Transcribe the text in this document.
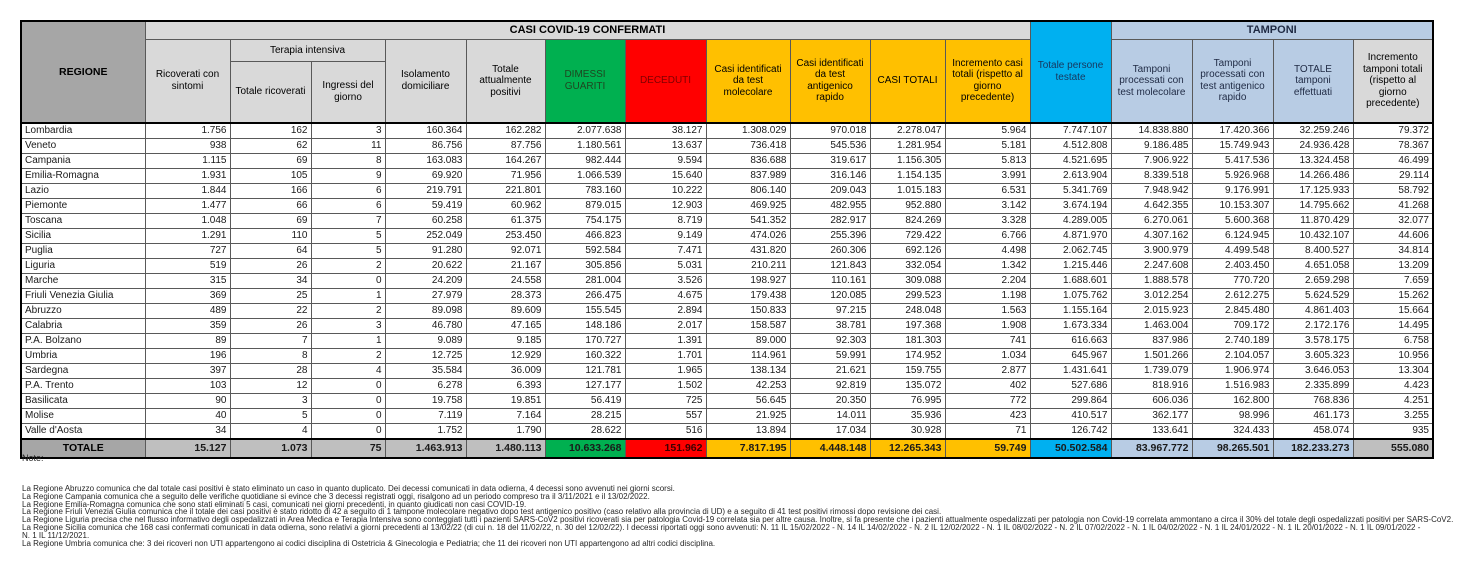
REGIONE	CASI COVID-19 CONFERMATI											Totale persone testate	TAMPONI			
	Ricoverati con sintomi	Terapia intensiva		Isolamento domiciliare	Totale attualmente positivi	DIMESSI GUARITI	DECEDUTI	Casi identificati da test molecolare	Casi identificati da test antigenico rapido	CASI TOTALI	Incremento casi totali (rispetto al giorno precedente)		Tamponi processati con test molecolare	Tamponi processati con test antigenico rapido	TOTALE tamponi effettuati	Incremento tamponi totali (rispetto al giorno precedente)
		Totale ricoverati	Ingressi del giorno													
Lombardia	1.756	162	3	160.364	162.282	2.077.638	38.127	1.308.029	970.018	2.278.047	5.964	7.747.107	14.838.880	17.420.366	32.259.246	79.372
Veneto	938	62	11	86.756	87.756	1.180.561	13.637	736.418	545.536	1.281.954	5.181	4.512.808	9.186.485	15.749.943	24.936.428	78.367
Campania	1.115	69	8	163.083	164.267	982.444	9.594	836.688	319.617	1.156.305	5.813	4.521.695	7.906.922	5.417.536	13.324.458	46.499
Emilia-Romagna	1.931	105	9	69.920	71.956	1.066.539	15.640	837.989	316.146	1.154.135	3.991	2.613.904	8.339.518	5.926.968	14.266.486	29.114
Lazio	1.844	166	6	219.791	221.801	783.160	10.222	806.140	209.043	1.015.183	6.531	5.341.769	7.948.942	9.176.991	17.125.933	58.792
Piemonte	1.477	66	6	59.419	60.962	879.015	12.903	469.925	482.955	952.880	3.142	3.674.194	4.642.355	10.153.307	14.795.662	41.268
Toscana	1.048	69	7	60.258	61.375	754.175	8.719	541.352	282.917	824.269	3.328	4.289.005	6.270.061	5.600.368	11.870.429	32.077
Sicilia	1.291	110	5	252.049	253.450	466.823	9.149	474.026	255.396	729.422	6.766	4.871.970	4.307.162	6.124.945	10.432.107	44.606
Puglia	727	64	5	91.280	92.071	592.584	7.471	431.820	260.306	692.126	4.498	2.062.745	3.900.979	4.499.548	8.400.527	34.814
Liguria	519	26	2	20.622	21.167	305.856	5.031	210.211	121.843	332.054	1.342	1.215.446	2.247.608	2.403.450	4.651.058	13.209
Marche	315	34	0	24.209	24.558	281.004	3.526	198.927	110.161	309.088	2.204	1.688.601	1.888.578	770.720	2.659.298	7.659
Friuli Venezia Giulia	369	25	1	27.979	28.373	266.475	4.675	179.438	120.085	299.523	1.198	1.075.762	3.012.254	2.612.275	5.624.529	15.262
Abruzzo	489	22	2	89.098	89.609	155.545	2.894	150.833	97.215	248.048	1.563	1.155.164	2.015.923	2.845.480	4.861.403	15.664
Calabria	359	26	3	46.780	47.165	148.186	2.017	158.587	38.781	197.368	1.908	1.673.334	1.463.004	709.172	2.172.176	14.495
P.A. Bolzano	89	7	1	9.089	9.185	170.727	1.391	89.000	92.303	181.303	741	616.663	837.986	2.740.189	3.578.175	6.758
Umbria	196	8	2	12.725	12.929	160.322	1.701	114.961	59.991	174.952	1.034	645.967	1.501.266	2.104.057	3.605.323	10.956
Sardegna	397	28	4	35.584	36.009	121.781	1.965	138.134	21.621	159.755	2.877	1.431.641	1.739.079	1.906.974	3.646.053	13.304
P.A. Trento	103	12	0	6.278	6.393	127.177	1.502	42.253	92.819	135.072	402	527.686	818.916	1.516.983	2.335.899	4.423
Basilicata	90	3	0	19.758	19.851	56.419	725	56.645	20.350	76.995	772	299.864	606.036	162.800	768.836	4.251
Molise	40	5	0	7.119	7.164	28.215	557	21.925	14.011	35.936	423	410.517	362.177	98.996	461.173	3.255
Valle d'Aosta	34	4	0	1.752	1.790	28.622	516	13.894	17.034	30.928	71	126.742	133.641	324.433	458.074	935
TOTALE	15.127	1.073	75	1.463.913	1.480.113	10.633.268	151.962	7.817.195	4.448.148	12.265.343	59.749	50.502.584	83.967.772	98.265.501	182.233.273	555.080
Note:
La Regione Abruzzo comunica che dal totale casi positivi è stato eliminato un caso in quanto duplicato. Dei decessi comunicati in data odierna, 4 decessi sono avvenuti nei giorni scorsi.
La Regione Campania comunica che a seguito delle verifiche quotidiane si evince che 3 decessi registrati oggi, risalgono ad un periodo compreso tra il 3/11/2021 e il 13/02/2022.
La Regione Emilia-Romagna comunica che sono stati eliminati 5 casi, comunicati nei giorni precedenti, in quanto giudicati non casi COVID-19.
La Regione Friuli Venezia Giulia comunica che il totale dei casi positivi è stato ridotto di 42 a seguito di 1 tampone molecolare negativo dopo test antigenico positivo (caso relativo alla provincia di UD) e a seguito di 41 test positivi rimossi dopo revisione dei casi.
La Regione Liguria precisa che nel flusso informativo degli ospedalizzati in Area Medica e Terapia Intensiva sono conteggiati tutti i pazienti SARS-CoV2 positivi ricoverati sia per patologia Covid-19 correlata sia per altre causa. Inoltre, si fa presente che i pazienti attualmente ospedalizzati per patologia non Covid-19 correlata ammontano a circa il 30% del totale degli ospedalizzati positivi per SARS-CoV2.
La Regione Sicilia comunica che 168 casi confermati comunicati in data odierna, sono relativi a giorni precedenti al 13/02/22 (di cui n. 18 del 11/02/22, n. 30 del 12/02/22). I decessi riportati oggi sono avvenuti: N. 11 IL 15/02/2022 - N. 14 IL 14/02/2022 - N. 2 IL 12/02/2022 - N. 1 IL 08/02/2022 - N. 2 IL 07/02/2022 - N. 1 IL 04/02/2022 - N. 1 IL 24/01/2022 - N. 1 IL 20/01/2022 - N. 1 IL 09/01/2022 -
N. 1 IL 11/12/2021.
La Regione Umbria comunica che: 3 dei ricoveri non UTI appartengono ai codici disciplina di Ostetricia & Ginecologia e Pediatria; che 11 dei ricoveri non UTI appartengono ad altri codici disciplina.
